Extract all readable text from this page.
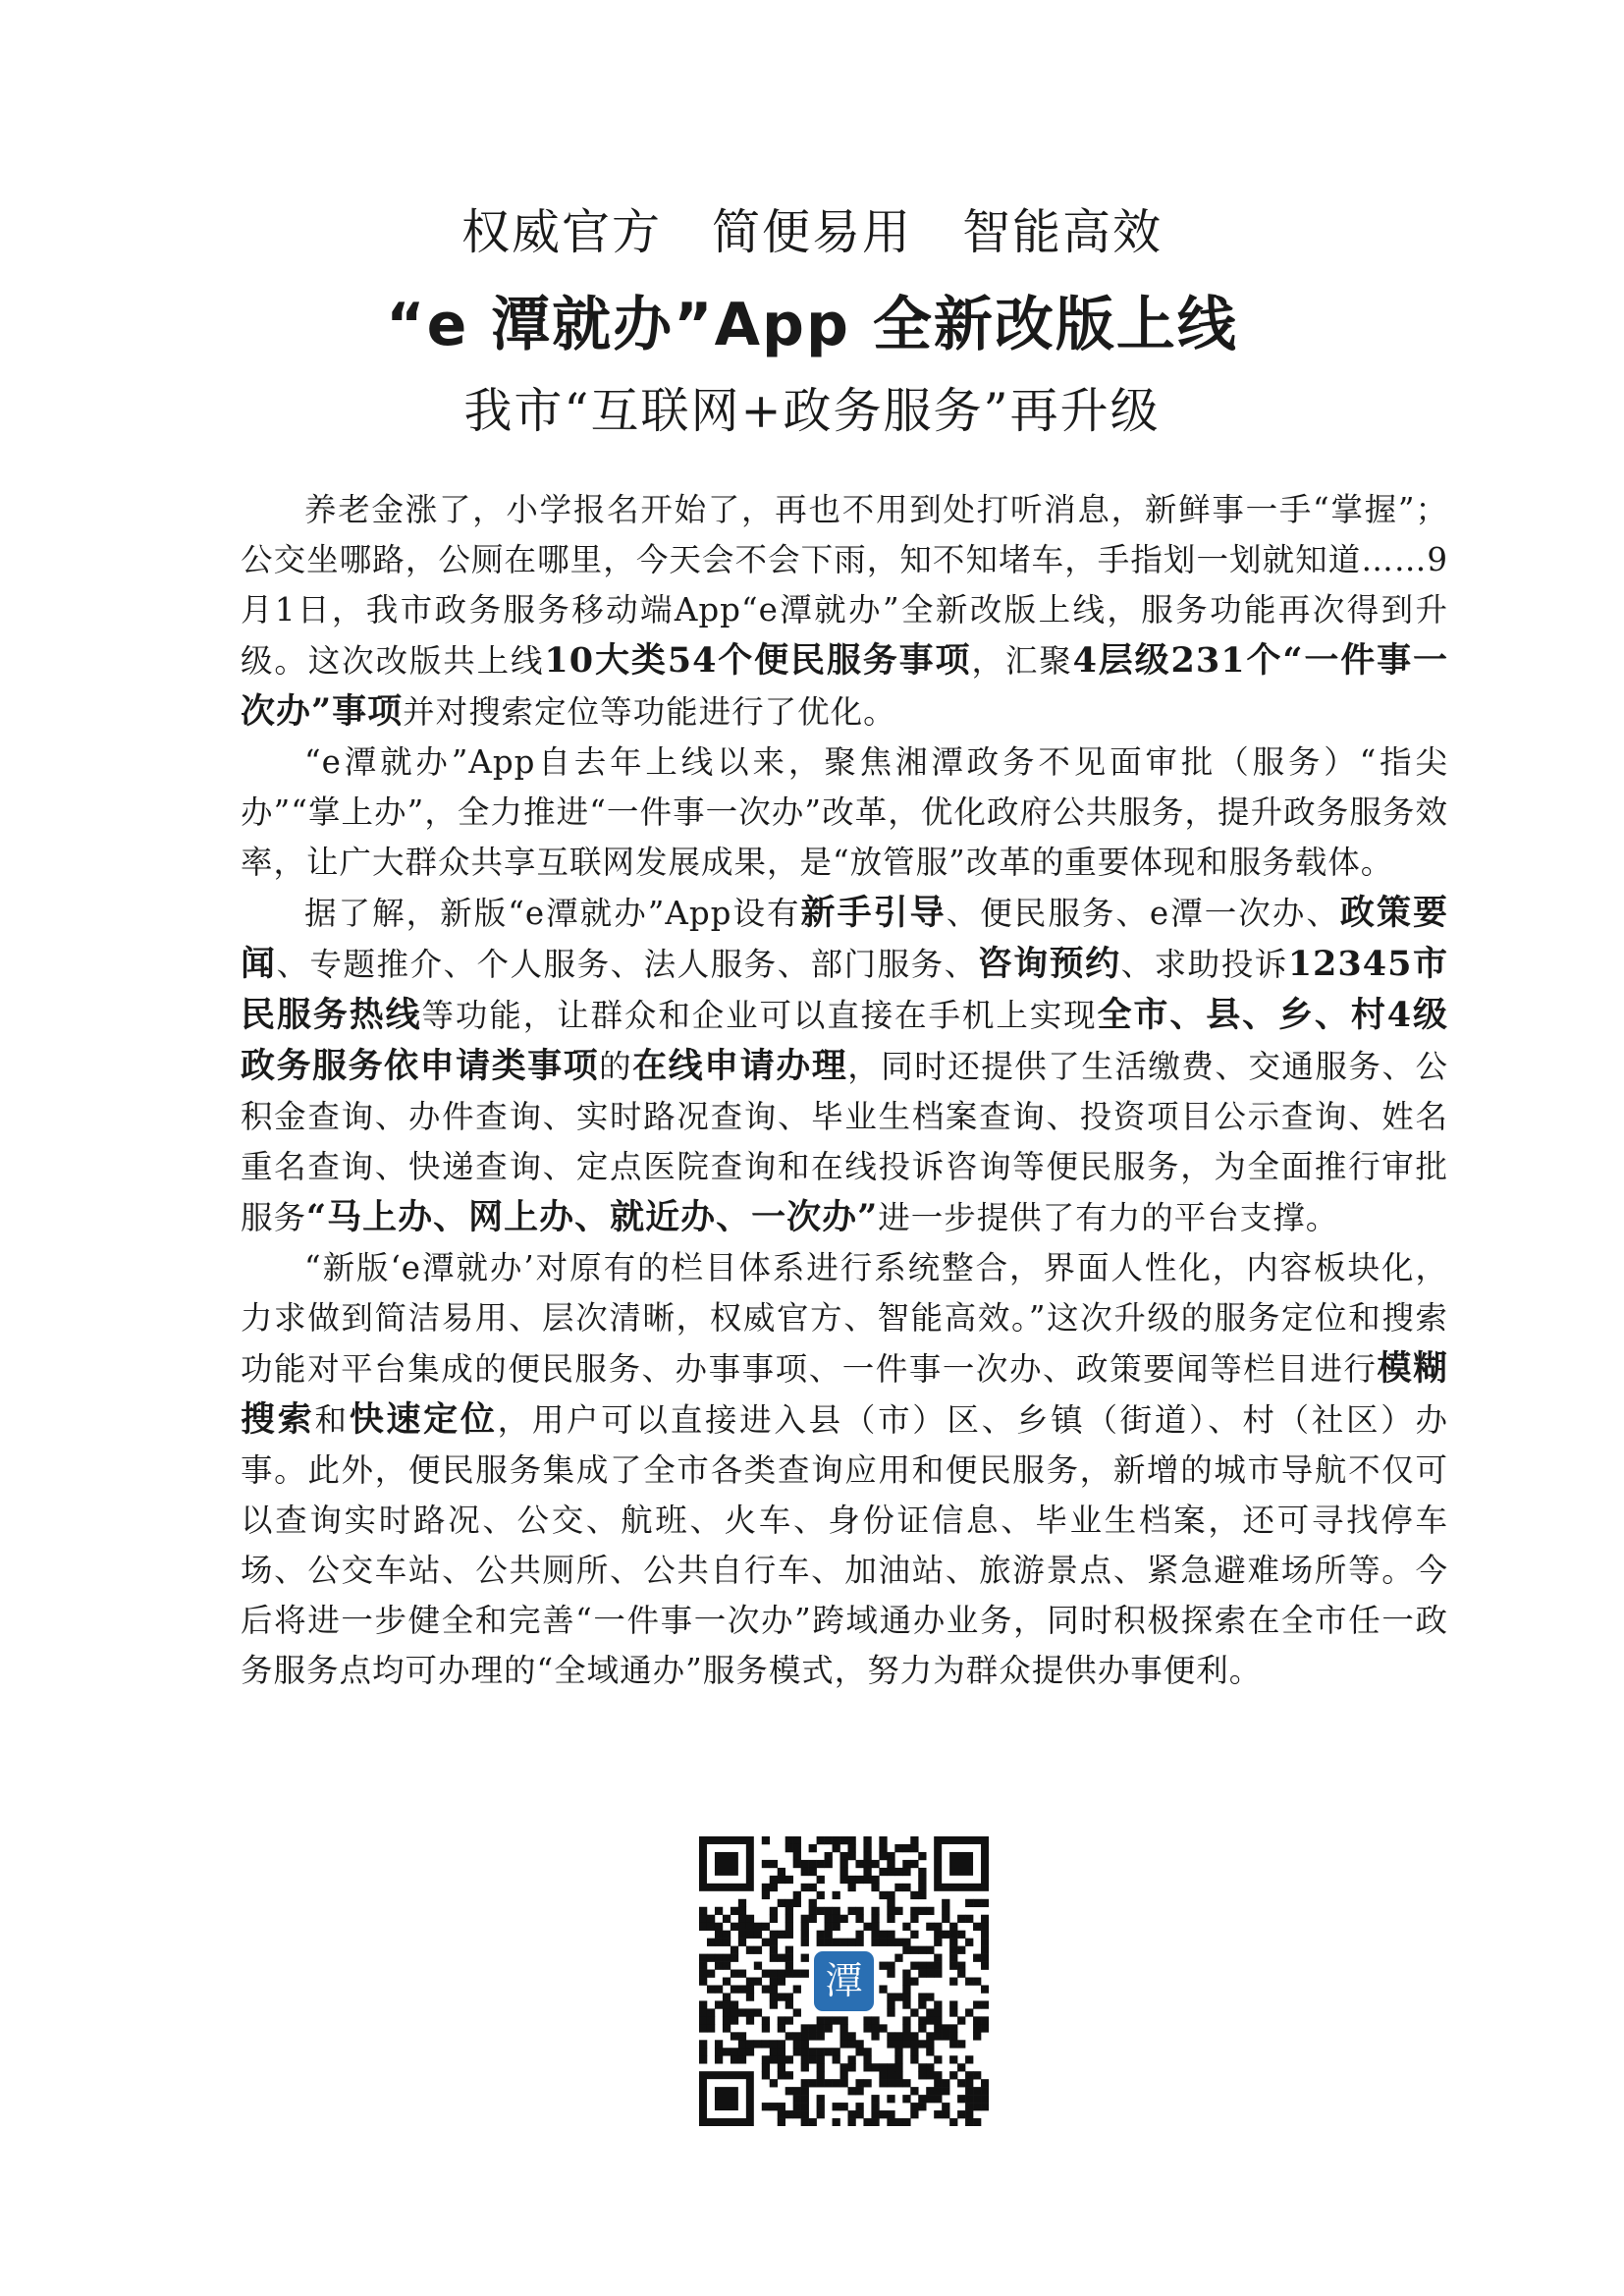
权威官方　简便易用　智能高效
“e 潭就办”App 全新改版上线
我市“互联网+政务服务”再升级

养老金涨了，小学报名开始了，再也不用到处打听消息，新鲜事一手“掌握”；公交坐哪路，公厕在哪里，今天会不会下雨，知不知堵车，手指划一划就知道……9月1日，我市政务服务移动端App“e潭就办”全新改版上线，服务功能再次得到升级。这次改版共上线10大类54个便民服务事项，汇聚4层级231个“一件事一次办”事项并对搜索定位等功能进行了优化。

“e潭就办”App自去年上线以来，聚焦湘潭政务不见面审批（服务）“指尖办”“掌上办”，全力推进“一件事一次办”改革，优化政府公共服务，提升政务服务效率，让广大群众共享互联网发展成果，是“放管服”改革的重要体现和服务载体。

据了解，新版“e潭就办”App设有新手引导、便民服务、e潭一次办、政策要闻、专题推介、个人服务、法人服务、部门服务、咨询预约、求助投诉12345市民服务热线等功能，让群众和企业可以直接在手机上实现全市、县、乡、村4级政务服务依申请类事项的在线申请办理，同时还提供了生活缴费、交通服务、公积金查询、办件查询、实时路况查询、毕业生档案查询、投资项目公示查询、姓名重名查询、快递查询、定点医院查询和在线投诉咨询等便民服务，为全面推行审批服务“马上办、网上办、就近办、一次办”进一步提供了有力的平台支撑。

“新版‘e潭就办’对原有的栏目体系进行系统整合，界面人性化，内容板块化，力求做到简洁易用、层次清晰，权威官方、智能高效。”这次升级的服务定位和搜索功能对平台集成的便民服务、办事事项、一件事一次办、政策要闻等栏目进行模糊搜索和快速定位，用户可以直接进入县（市）区、乡镇（街道）、村（社区）办事。此外，便民服务集成了全市各类查询应用和便民服务，新增的城市导航不仅可以查询实时路况、公交、航班、火车、身份证信息、毕业生档案，还可寻找停车场、公交车站、公共厕所、公共自行车、加油站、旅游景点、紧急避难场所等。今后将进一步健全和完善“一件事一次办”跨域通办业务，同时积极探索在全市任一政务服务点均可办理的“全域通办”服务模式，努力为群众提供办事便利。

潭
